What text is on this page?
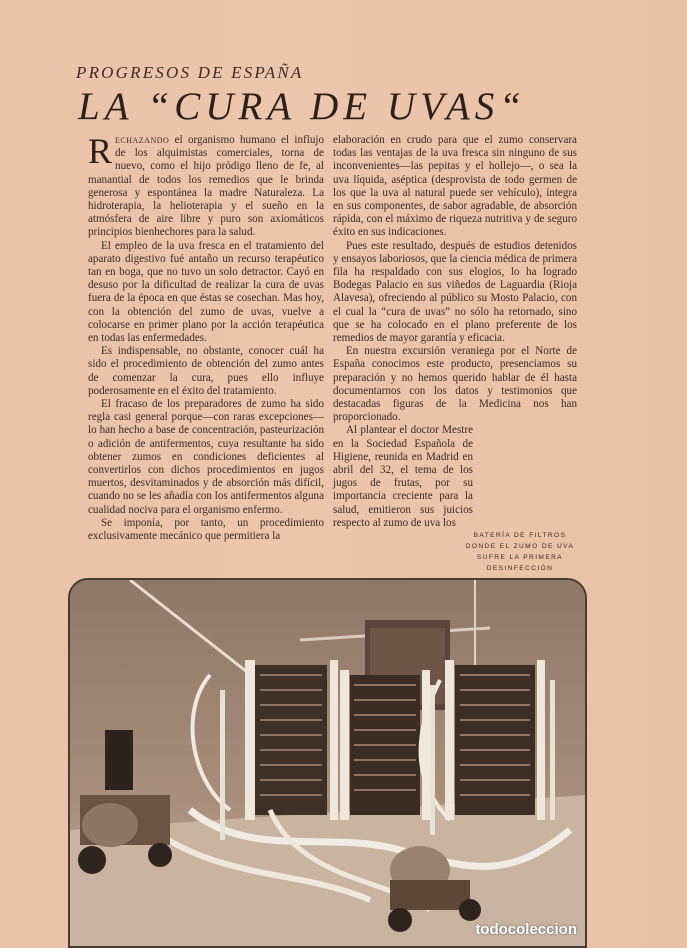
PROGRESOS DE ESPAÑA

LA “CURA DE UVAS“

Rechazando el organismo humano el influjo de los alquimistas comerciales, torna de nuevo, como el hijo pródigo lleno de fe, al manantial de todos los remedios que le brinda generosa y espontánea la madre Naturaleza. La hidroterapia, la helioterapia y el sueño en la atmósfera de aire libre y puro son axiomáticos principios bienhechores para la salud.

El empleo de la uva fresca en el tratamiento del aparato digestivo fué antaño un recurso terapéutico tan en boga, que no tuvo un solo detractor. Cayó en desuso por la dificultad de realizar la cura de uvas fuera de la época en que éstas se cosechan. Mas hoy, con la obtención del zumo de uvas, vuelve a colocarse en primer plano por la acción terapéutica en todas las enfermedades.

Es indispensable, no obstante, conocer cuál ha sido el procedimiento de obtención del zumo antes de comenzar la cura, pues ello influye poderosamente en el éxito del tratamiento.

El fracaso de los preparadores de zumo ha sido regla casi general porque—con raras excepciones—lo han hecho a base de concentración, pasteurización o adición de antifermentos, cuya resultante ha sido obtener zumos en condiciones deficientes al convertirlos con dichos procedimientos en jugos muertos, desvitaminados y de absorción más difícil, cuando no se les añadía con los antifermentos alguna cualidad nociva para el organismo enfermo.

Se imponía, por tanto, un procedimiento exclusivamente mecánico que permitiera la

elaboración en crudo para que el zumo conservara todas las ventajas de la uva fresca sin ninguno de sus inconvenientes—las pepitas y el hollejo—, o sea la uva líquida, aséptica (desprovista de todo germen de los que la uva al natural puede ser vehículo), íntegra en sus componentes, de sabor agradable, de absorción rápida, con el máximo de riqueza nutritiva y de seguro éxito en sus indicaciones.

Pues este resultado, después de estudios detenidos y ensayos laboriosos, que la ciencia médica de primera fila ha respaldado con sus elogios, lo ha logrado Bodegas Palacio en sus viñedos de Laguardia (Rioja Alavesa), ofreciendo al público su Mosto Palacio, con el cual la “cura de uvas” no sólo ha retornado, sino que se ha colocado en el plano preferente de los remedios de mayor garantía y eficacia.

En nuestra excursión veraniega por el Norte de España conocimos este producto, presenciamos su preparación y no hemos querido hablar de él hasta documentarnos con los datos y testimonios que destacadas figuras de la Medicina nos han proporcionado.

Al plantear el doctor Mestre en la Sociedad Española de Higiene, reunida en Madrid en abril del 32, el tema de los jugos de frutas, por su importancia creciente para la salud, emitieron sus juicios respecto al zumo de uva los

BATERÍA DE FILTROS DONDE EL ZUMO DE UVA SUFRE LA PRIMERA DESINFECCIÓN

todocoleccion
